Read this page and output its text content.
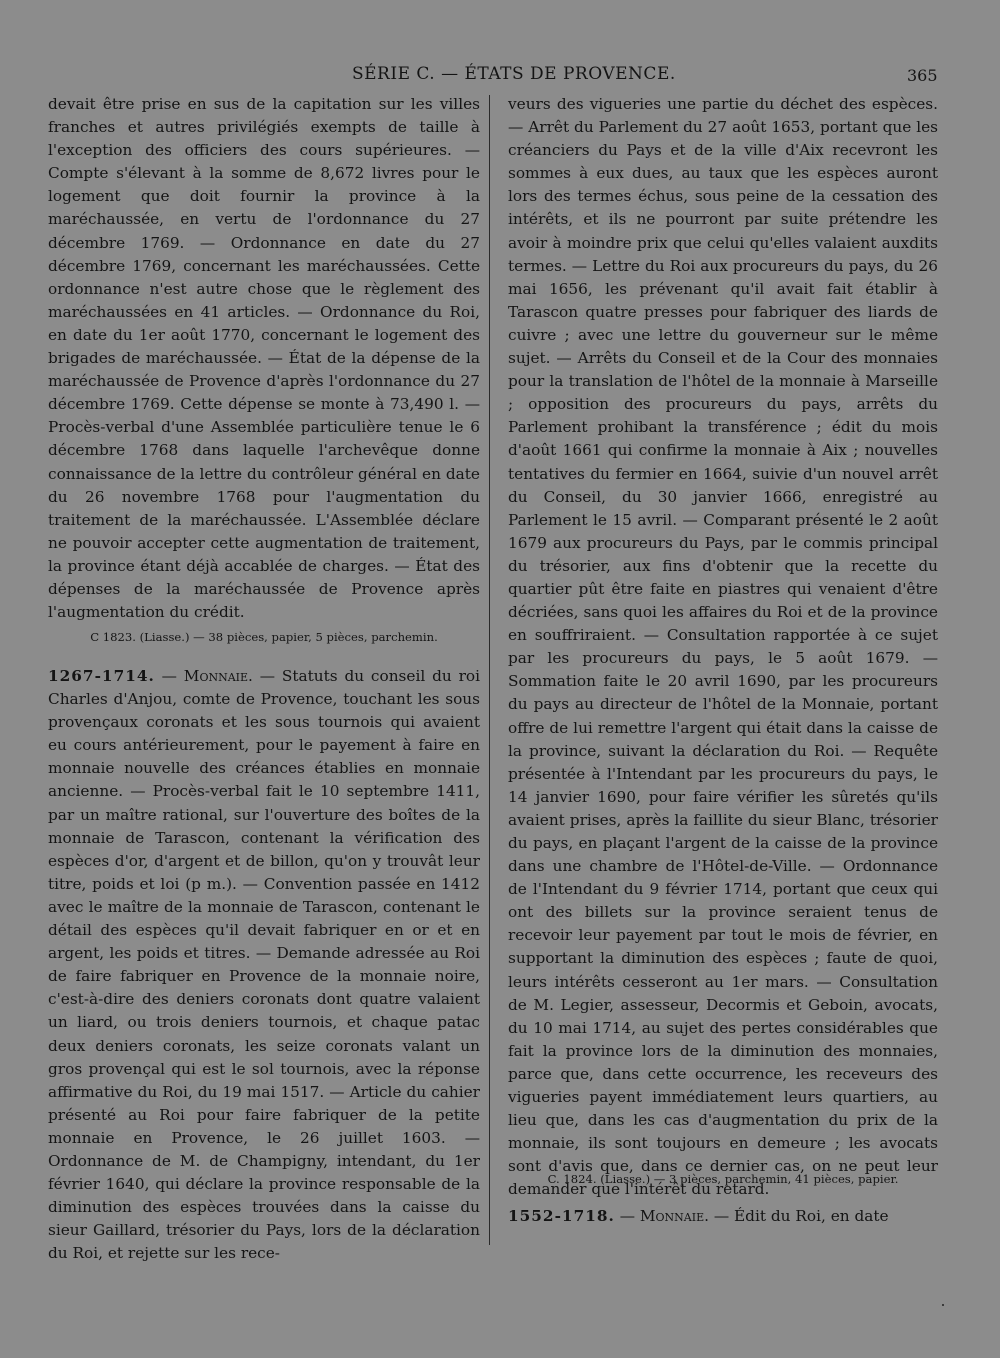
SÉRIE C. — ÉTATS DE PROVENCE.	365

devait être prise en sus de la capitation sur les villes franches et autres privilégiés exempts de taille à l'exception des officiers des cours supérieures. — Compte s'élevant à la somme de 8,672 livres pour le logement que doit fournir la province à la maréchaussée, en vertu de l'ordonnance du 27 décembre 1769. — Ordonnance en date du 27 décembre 1769, concernant les maréchaussées. Cette ordonnance n'est autre chose que le règlement des maréchaussées en 41 articles. — Ordonnance du Roi, en date du 1er août 1770, concernant le logement des brigades de maréchaussée. — État de la dépense de la maréchaussée de Provence d'après l'ordonnance du 27 décembre 1769. Cette dépense se monte à 73,490 l. — Procès-verbal d'une Assemblée particulière tenue le 6 décembre 1768 dans laquelle l'archevêque donne connaissance de la lettre du contrôleur général en date du 26 novembre 1768 pour l'augmentation du traitement de la maréchaussée. L'Assemblée déclare ne pouvoir accepter cette augmentation de traitement, la province étant déjà accablée de charges. — État des dépenses de la maréchaussée de Provence après l'augmentation du crédit.

C 1823. (Liasse.) — 38 pièces, papier, 5 pièces, parchemin.

1267-1714. — Monnaie. — Statuts du conseil du roi Charles d'Anjou, comte de Provence, touchant les sous provençaux coronats et les sous tournois qui avaient eu cours antérieurement, pour le payement à faire en monnaie nouvelle des créances établies en monnaie ancienne. — Procès-verbal fait le 10 septembre 1411, par un maître rational, sur l'ouverture des boîtes de la monnaie de Tarascon, contenant la vérification des espèces d'or, d'argent et de billon, qu'on y trouvât leur titre, poids et loi (p m.). — Convention passée en 1412 avec le maître de la monnaie de Tarascon, contenant le détail des espèces qu'il devait fabriquer en or et en argent, les poids et titres. — Demande adressée au Roi de faire fabriquer en Provence de la monnaie noire, c'est-à-dire des deniers coronats dont quatre valaient un liard, ou trois deniers tournois, et chaque patac deux deniers coronats, les seize coronats valant un gros provençal qui est le sol tournois, avec la réponse affirmative du Roi, du 19 mai 1517. — Article du cahier présenté au Roi pour faire fabriquer de la petite monnaie en Provence, le 26 juillet 1603. — Ordonnance de M. de Champigny, intendant, du 1er février 1640, qui déclare la province responsable de la diminution des espèces trouvées dans la caisse du sieur Gaillard, trésorier du Pays, lors de la déclaration du Roi, et rejette sur les rece-

veurs des vigueries une partie du déchet des espèces. — Arrêt du Parlement du 27 août 1653, portant que les créanciers du Pays et de la ville d'Aix recevront les sommes à eux dues, au taux que les espèces auront lors des termes échus, sous peine de la cessation des intérêts, et ils ne pourront par suite prétendre les avoir à moindre prix que celui qu'elles valaient auxdits termes. — Lettre du Roi aux procureurs du pays, du 26 mai 1656, les prévenant qu'il avait fait établir à Tarascon quatre presses pour fabriquer des liards de cuivre ; avec une lettre du gouverneur sur le même sujet. — Arrêts du Conseil et de la Cour des monnaies pour la translation de l'hôtel de la monnaie à Marseille ; opposition des procureurs du pays, arrêts du Parlement prohibant la transférence ; édit du mois d'août 1661 qui confirme la monnaie à Aix ; nouvelles tentatives du fermier en 1664, suivie d'un nouvel arrêt du Conseil, du 30 janvier 1666, enregistré au Parlement le 15 avril. — Comparant présenté le 2 août 1679 aux procureurs du Pays, par le commis principal du trésorier, aux fins d'obtenir que la recette du quartier pût être faite en piastres qui venaient d'être décriées, sans quoi les affaires du Roi et de la province en souffriraient. — Consultation rapportée à ce sujet par les procureurs du pays, le 5 août 1679. — Sommation faite le 20 avril 1690, par les procureurs du pays au directeur de l'hôtel de la Monnaie, portant offre de lui remettre l'argent qui était dans la caisse de la province, suivant la déclaration du Roi. — Requête présentée à l'Intendant par les procureurs du pays, le 14 janvier 1690, pour faire vérifier les sûretés qu'ils avaient prises, après la faillite du sieur Blanc, trésorier du pays, en plaçant l'argent de la caisse de la province dans une chambre de l'Hôtel-de-Ville. — Ordonnance de l'Intendant du 9 février 1714, portant que ceux qui ont des billets sur la province seraient tenus de recevoir leur payement par tout le mois de février, en supportant la diminution des espèces ; faute de quoi, leurs intérêts cesseront au 1er mars. — Consultation de M. Legier, assesseur, Decormis et Geboin, avocats, du 10 mai 1714, au sujet des pertes considérables que fait la province lors de la diminution des monnaies, parce que, dans cette occurrence, les receveurs des vigueries payent immédiatement leurs quartiers, au lieu que, dans les cas d'augmentation du prix de la monnaie, ils sont toujours en demeure ; les avocats sont d'avis que, dans ce dernier cas, on ne peut leur demander que l'intérêt du retard.

C. 1824. (Liasse.) — 3 pièces, parchemin, 41 pièces, papier.

1552-1718. — Monnaie. — Édit du Roi, en date
